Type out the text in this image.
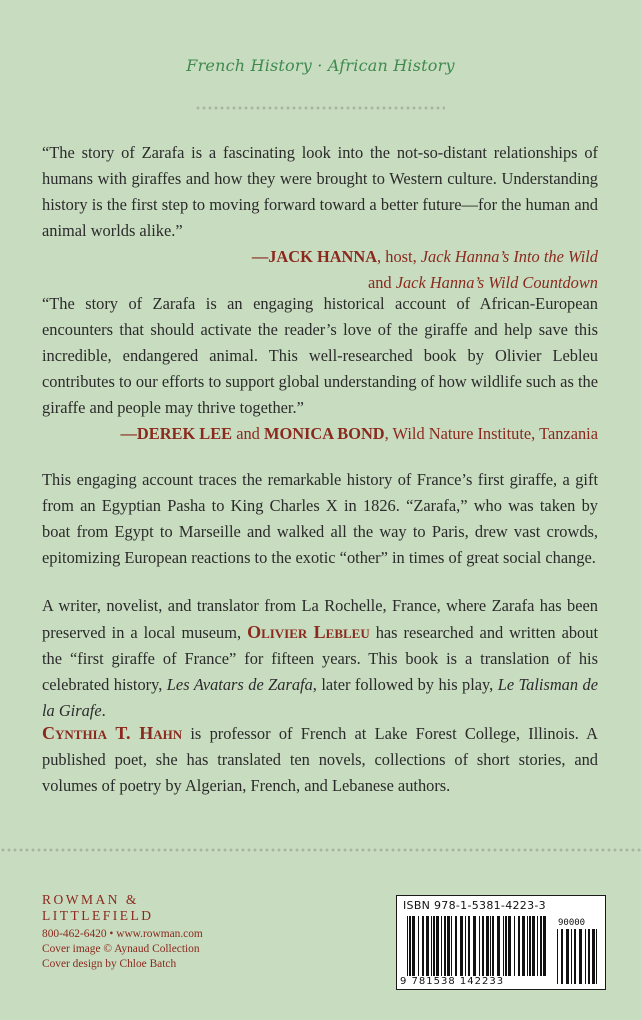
French History · African History

“The story of Zarafa is a fascinating look into the not-so-distant relationships of humans with giraffes and how they were brought to Western culture. Understanding history is the first step to moving forward toward a better future—for the human and animal worlds alike.”
—JACK HANNA, host, Jack Hanna’s Into the Wild
and Jack Hanna’s Wild Countdown

“The story of Zarafa is an engaging historical account of African-European encounters that should activate the reader’s love of the giraffe and help save this incredible, endangered animal. This well-researched book by Olivier Lebleu contributes to our efforts to support global understanding of how wildlife such as the giraffe and people may thrive together.”
—DEREK LEE and MONICA BOND, Wild Nature Institute, Tanzania

This engaging account traces the remarkable history of France’s first giraffe, a gift from an Egyptian Pasha to King Charles X in 1826. “Zarafa,” who was taken by boat from Egypt to Marseille and walked all the way to Paris, drew vast crowds, epitomizing European reactions to the exotic “other” in times of great social change.

A writer, novelist, and translator from La Rochelle, France, where Zarafa has been preserved in a local museum, Olivier Lebleu has researched and written about the “first giraffe of France” for fifteen years. This book is a translation of his celebrated history, Les Avatars de Zarafa, later followed by his play, Le Talisman de la Girafe.

Cynthia T. Hahn is professor of French at Lake Forest College, Illinois. A published poet, she has translated ten novels, collections of short stories, and volumes of poetry by Algerian, French, and Lebanese authors.

ROWMAN &
LITTLEFIELD
800-462-6420 • www.rowman.com
Cover image © Aynaud Collection
Cover design by Chloe Batch
ISBN 978-1-5381-4223-3
90000
9 781538 142233
